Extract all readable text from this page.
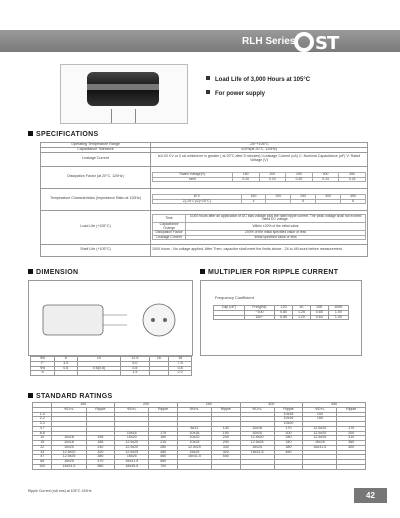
RLH Series	ST
Load Life of 3,000 Hours at 105°C
For power supply
SPECIFICATIONS
Operating Temperature Range	-25~+105°C
Capacitance Tolerance	±20%(at 20°C, 120Hz)
Leakage Current	I≤0.03 CV or 3 uA whichever is greater ( at 20°C after 5 minutes) I:Leakage Current (uA) C: Nominal Capacitance (uF) V: Rated Voltage (V)
Dissipation Factor (at 20°C, 120Hz)	
Rated Voltage(V)	160	200	250	400	450
tanδ	0.20	0.20	0.20	0.24	0.24

Temperature Characteristics (Impedance Ratio at 120Hz)	
W.V	160	200	250	400	450
Z(-25°C)/Z(+20°C)	4		6		8

Load Life (+105°C)	
Time	3,000 hours after an application of DC bias voltage plus the rated ripple current. The peak voltage shall not exceed rated DC voltage.
Capacitance Change	Within ±20% of the initial value
Dissipation Factor	200% of the initial specified value or less
Leakage Current	Initial specified value or less

Shelf Life (+105°C)	1000 hours - No voltage applied. After Then, capacitor shall meet the limits above - 24 to 48 hours before measurement.
DIMENSION	MULTIPLIER FOR RIPPLE CURRENT
ΦD	8	10	12.5	16	18
F	3.5		5.0		7.5
Φd	0.6	0.6(0.8)	0.8		0.8
α			1.5		2.0
Frequency Coefficient
Cap (uF)	Freq(Hz)	120	1K	10K	100K
	~100	0.80	1.25	0.65	1.00
	150~	0.80	1.20	0.64	1.00
STANDARD RATINGS
	160		200		250		400		450	
	ΦD×L	Ripple	ΦD×L	Ripple	ΦD×L	Ripple	ΦD×L	Ripple	ΦD×L	Ripple
1.0								10x16	100	
2.2								10x16	150	
3.3								10x20		
4.7					8x12	140	10x16	170	12.5x20	170
6.8			10x16	170	10x16	190	10x20	200	12.5x20	200
10	10x16	155	10x20	160	10x20	240	12.5x20	280	12.5x25	310
15	10x16	185	12.5x20	215	10x25	290	12.5x25	340	16x25	360
22	10x20	240	12.5x20	280	12.5x20	340	16x25	380	16x31.5	400
33	12.5x20	320	12.5x25	380	16x25	420	16x31.5	460		
47	12.5x25	380	16x25	460	16x31.5	540				
68	16x25	470	16x31.5	580						
100	16x31.5	580	18x35.5	700						
Ripple Current (mA rms) at 105°C 120Hz	42
